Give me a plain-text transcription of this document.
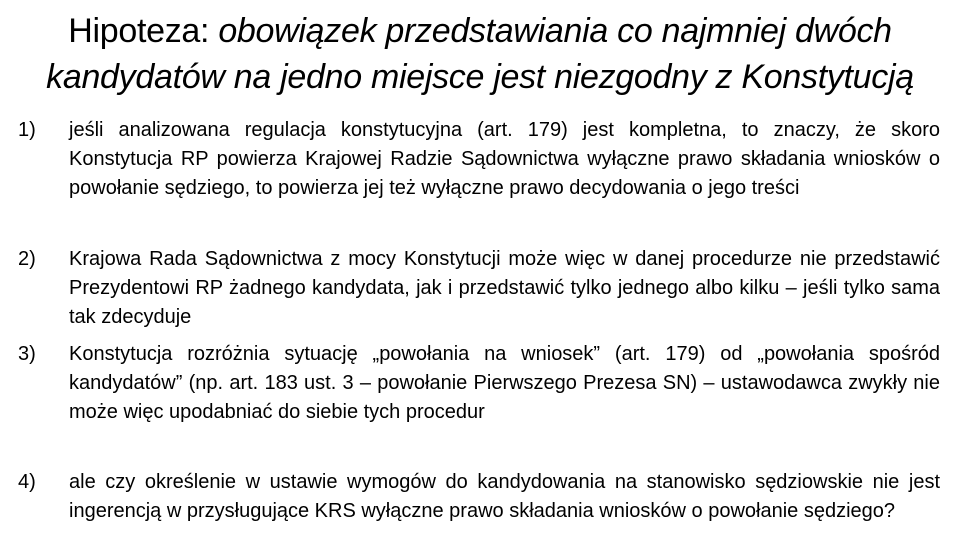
Hipoteza: obowiązek przedstawiania co najmniej dwóch kandydatów na jedno miejsce jest niezgodny z Konstytucją
1) jeśli analizowana regulacja konstytucyjna (art. 179) jest kompletna, to znaczy, że skoro Konstytucja RP powierza Krajowej Radzie Sądownictwa wyłączne prawo składania wniosków o powołanie sędziego, to powierza jej też wyłączne prawo decydowania o jego treści
2) Krajowa Rada Sądownictwa z mocy Konstytucji może więc w danej procedurze nie przedstawić Prezydentowi RP żadnego kandydata, jak i przedstawić tylko jednego albo kilku – jeśli tylko sama tak zdecyduje
3) Konstytucja rozróżnia sytuację „powołania na wniosek” (art. 179) od „powołania spośród kandydatów” (np. art. 183 ust. 3 – powołanie Pierwszego Prezesa SN) – ustawodawca zwykły nie może więc upodabniać do siebie tych procedur
4) ale czy określenie w ustawie wymogów do kandydowania na stanowisko sędziowskie nie jest ingerencją w przysługujące KRS wyłączne prawo składania wniosków o powołanie sędziego?
